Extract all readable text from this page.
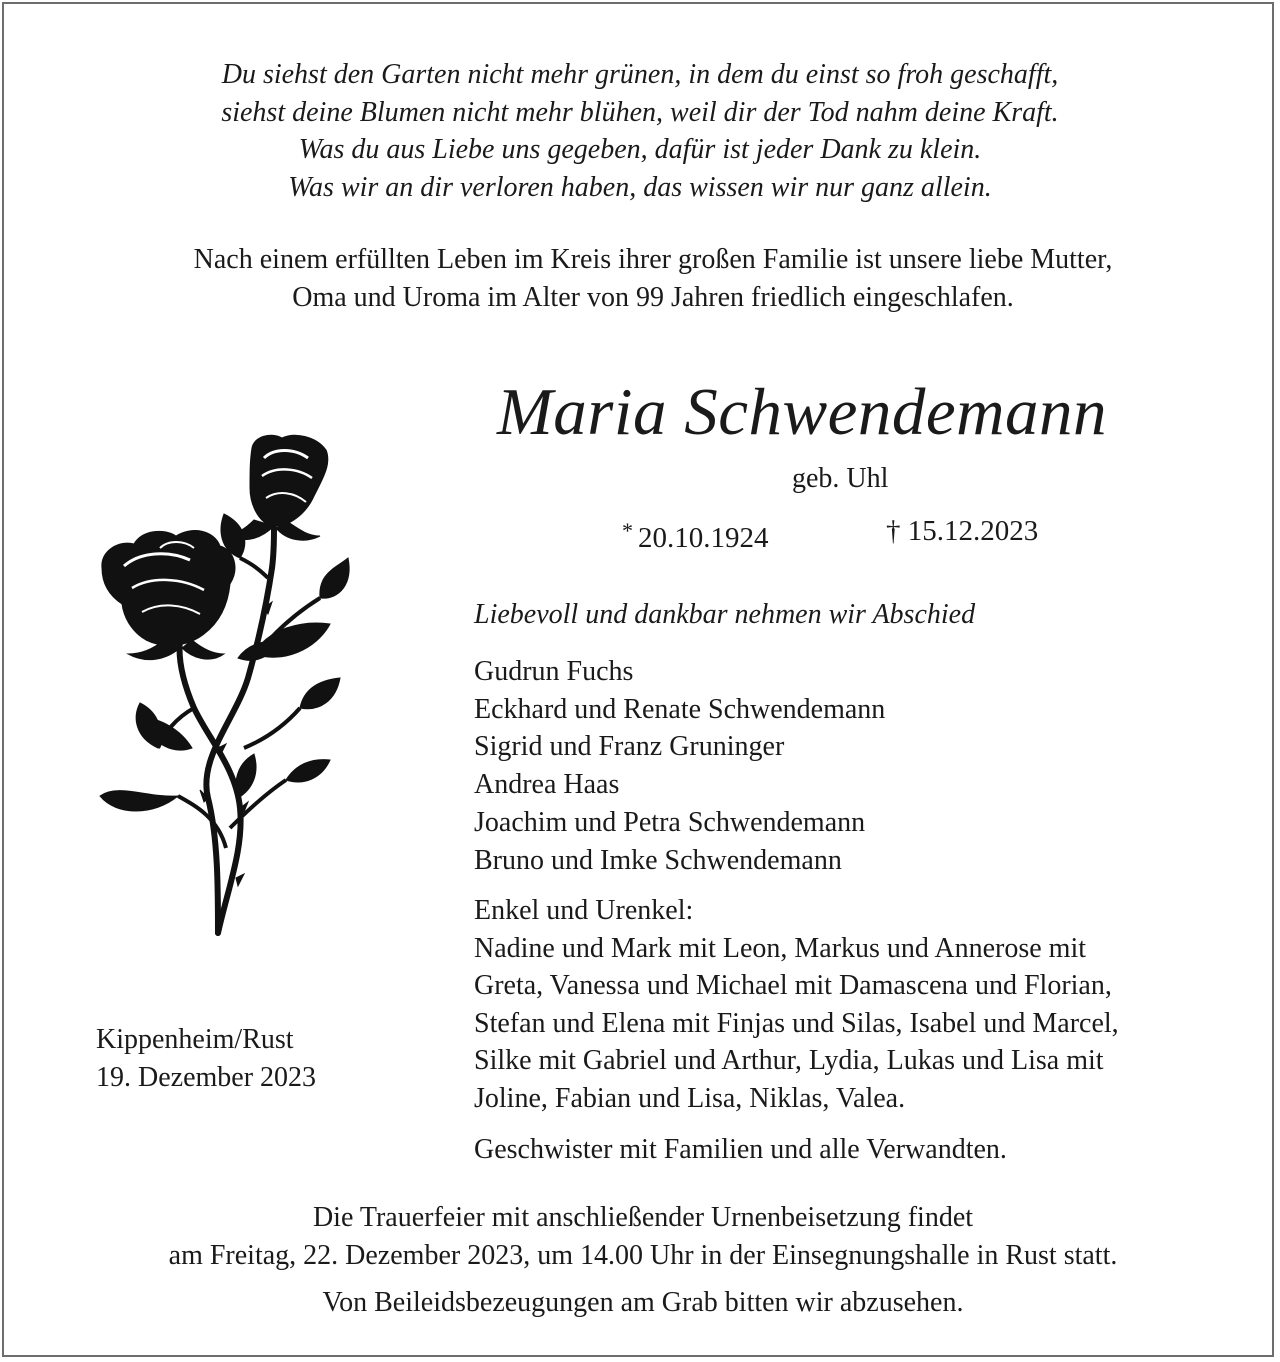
Du siehst den Garten nicht mehr grünen, in dem du einst so froh geschafft,
siehst deine Blumen nicht mehr blühen, weil dir der Tod nahm deine Kraft.
Was du aus Liebe uns gegeben, dafür ist jeder Dank zu klein.
Was wir an dir verloren haben, das wissen wir nur ganz allein.
Nach einem erfüllten Leben im Kreis ihrer großen Familie ist unsere liebe Mutter,
Oma und Uroma im Alter von 99 Jahren friedlich eingeschlafen.
Maria Schwendemann
geb. Uhl
* 20.10.1924	† 15.12.2023
Liebevoll und dankbar nehmen wir Abschied
Gudrun Fuchs
Eckhard und Renate Schwendemann
Sigrid und Franz Gruninger
Andrea Haas
Joachim und Petra Schwendemann
Bruno und Imke Schwendemann
Enkel und Urenkel:
Nadine und Mark mit Leon, Markus und Annerose mit
Greta, Vanessa und Michael mit Damascena und Florian,
Stefan und Elena mit Finjas und Silas, Isabel und Marcel,
Silke mit Gabriel und Arthur, Lydia, Lukas und Lisa mit
Joline, Fabian und Lisa, Niklas, Valea.
Geschwister mit Familien und alle Verwandten.
Kippenheim/Rust
19. Dezember 2023
Die Trauerfeier mit anschließender Urnenbeisetzung findet
am Freitag, 22. Dezember 2023, um 14.00 Uhr in der Einsegnungshalle in Rust statt.
Von Beileidsbezeugungen am Grab bitten wir abzusehen.
